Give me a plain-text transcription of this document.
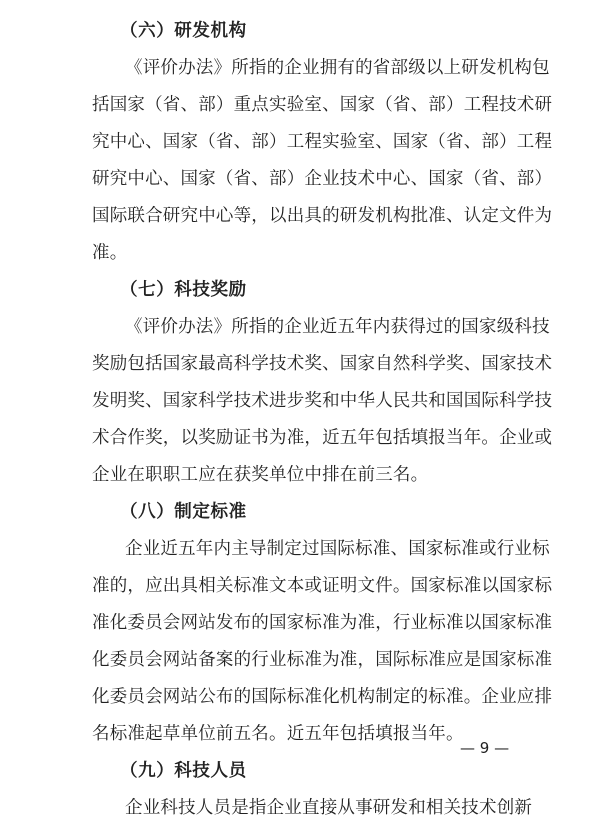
（六）研发机构
《评价办法》所指的企业拥有的省部级以上研发机构包
括国家（省、部）重点实验室、国家（省、部）工程技术研
究中心、国家（省、部）工程实验室、国家（省、部）工程
研究中心、国家（省、部）企业技术中心、国家（省、部）
国际联合研究中心等，以出具的研发机构批准、认定文件为
准。
（七）科技奖励
《评价办法》所指的企业近五年内获得过的国家级科技
奖励包括国家最高科学技术奖、国家自然科学奖、国家技术
发明奖、国家科学技术进步奖和中华人民共和国国际科学技
术合作奖，以奖励证书为准，近五年包括填报当年。企业或
企业在职职工应在获奖单位中排在前三名。
（八）制定标准
企业近五年内主导制定过国际标准、国家标准或行业标
准的，应出具相关标准文本或证明文件。国家标准以国家标
准化委员会网站发布的国家标准为准，行业标准以国家标准
化委员会网站备案的行业标准为准，国际标准应是国家标准
化委员会网站公布的国际标准化机构制定的标准。企业应排
名标准起草单位前五名。近五年包括填报当年。
（九）科技人员
企业科技人员是指企业直接从事研发和相关技术创新
— 9 —
